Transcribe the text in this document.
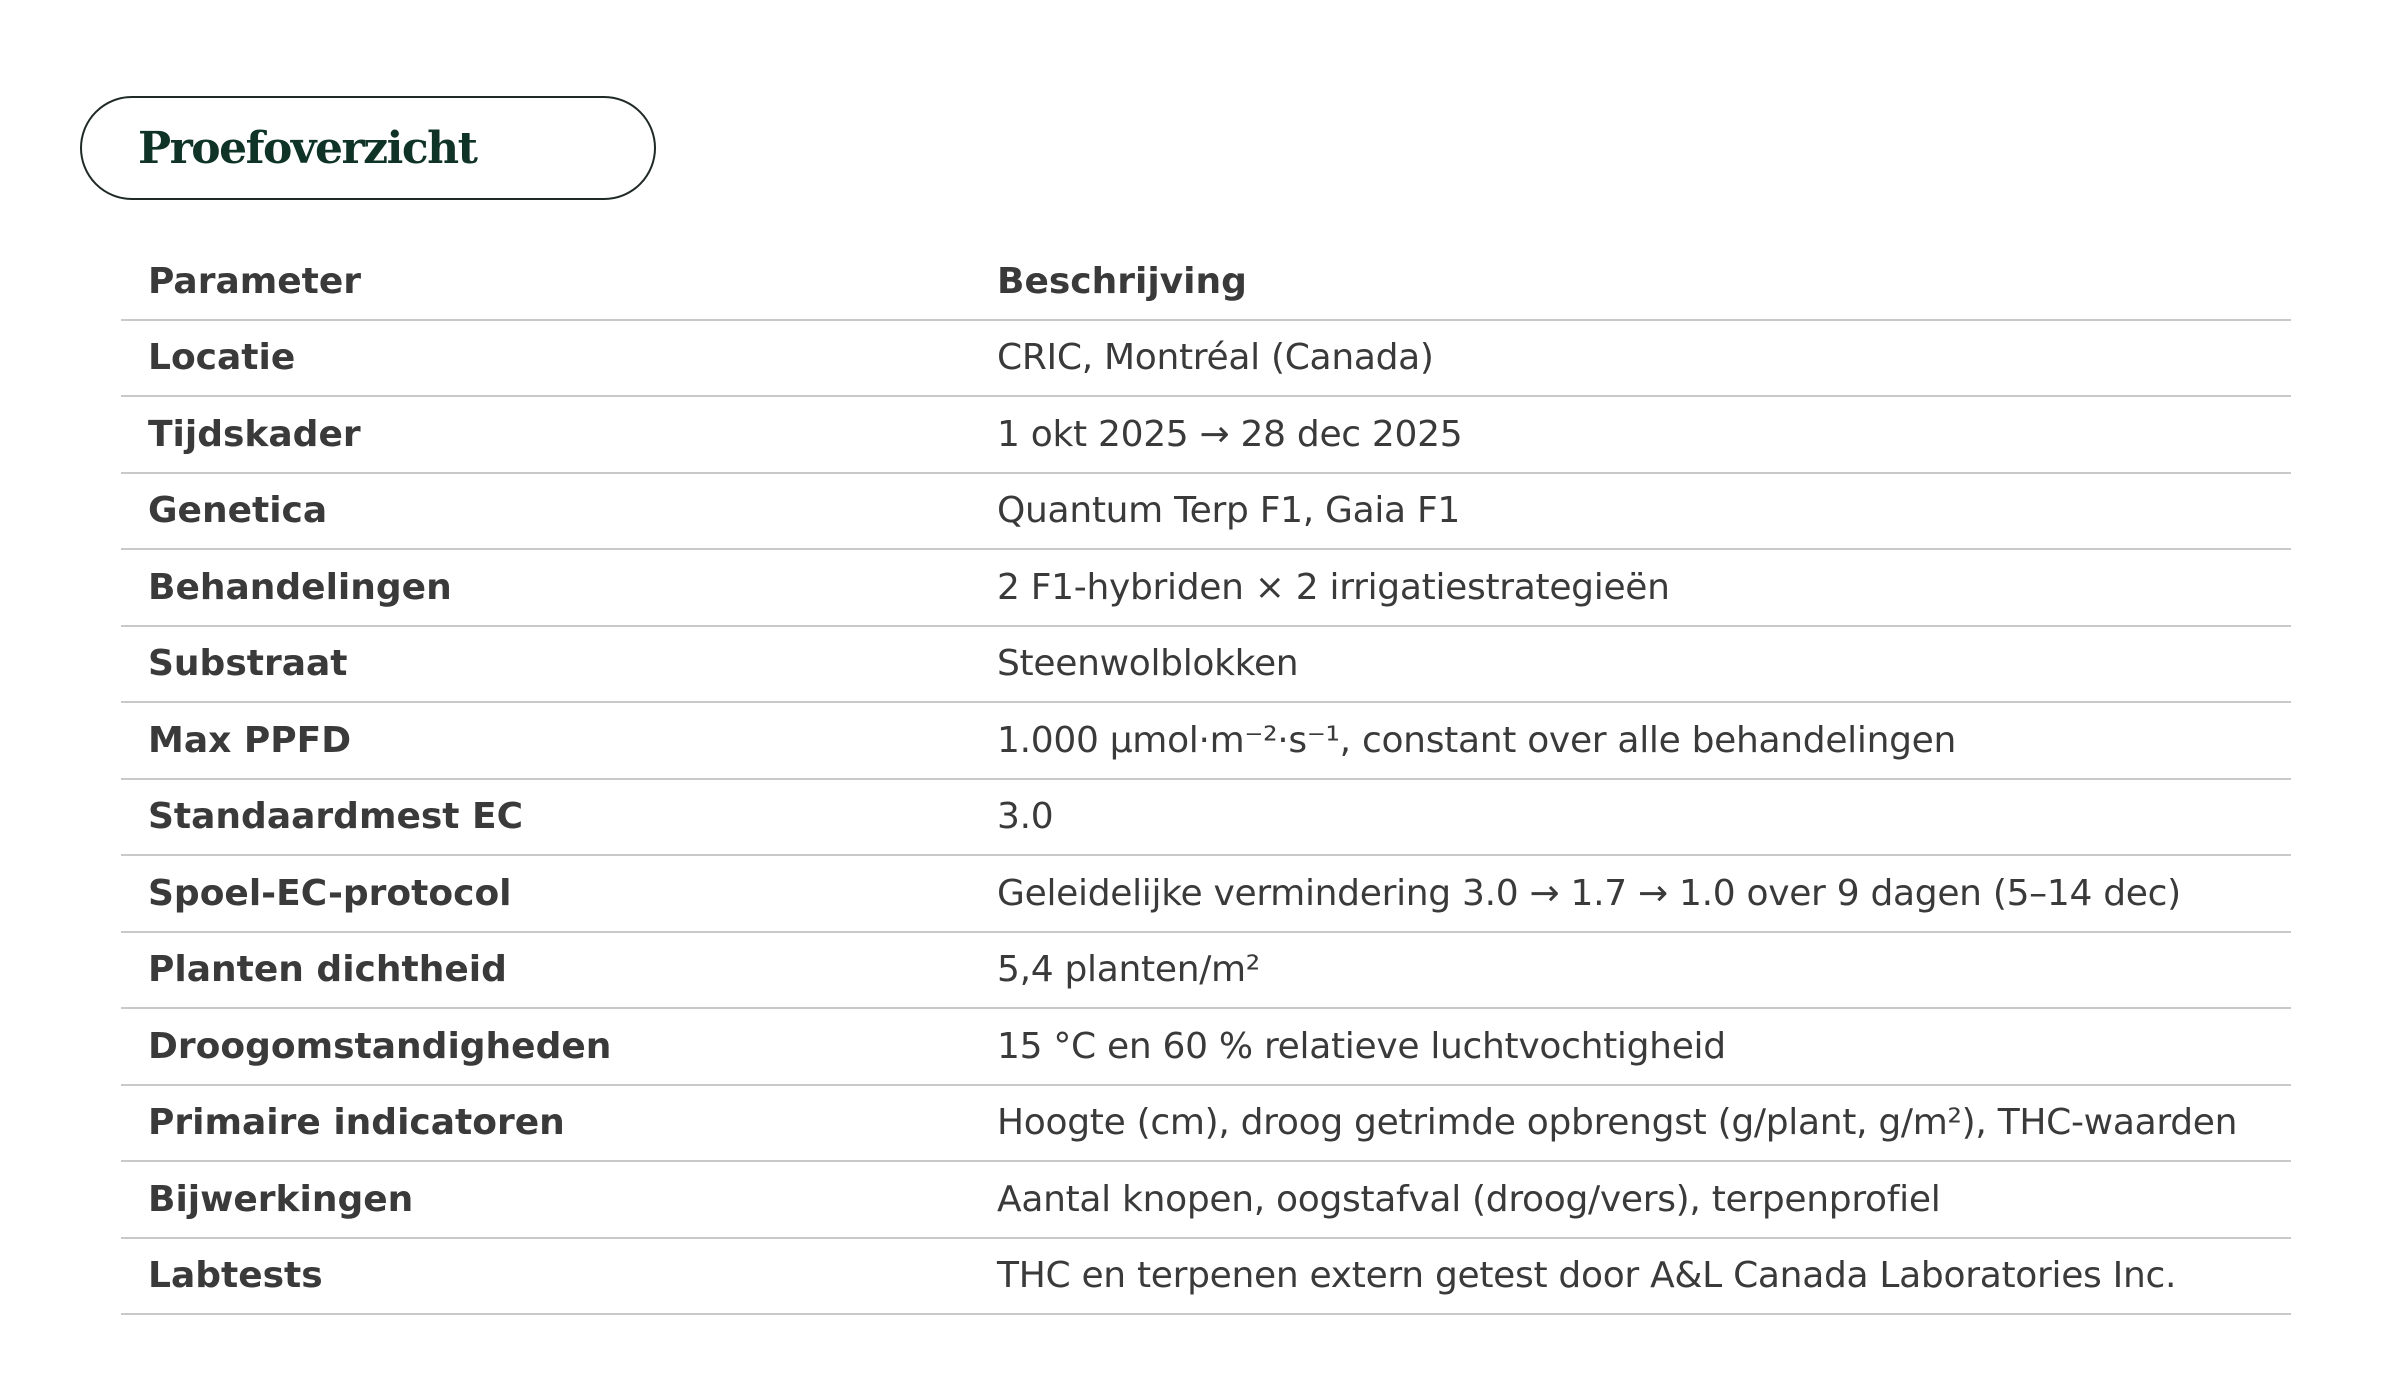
Proefoverzicht
Parameter	Beschrijving
Locatie	CRIC, Montréal (Canada)
Tijdskader	1 okt 2025 → 28 dec 2025
Genetica	Quantum Terp F1, Gaia F1
Behandelingen	2 F1-hybriden × 2 irrigatiestrategieën
Substraat	Steenwolblokken
Max PPFD	1.000 µmol·m⁻²·s⁻¹, constant over alle behandelingen
Standaardmest EC	3.0
Spoel-EC-protocol	Geleidelijke vermindering 3.0 → 1.7 → 1.0 over 9 dagen (5–14 dec)
Planten dichtheid	5,4 planten/m²
Droogomstandigheden	15 °C en 60 % relatieve luchtvochtigheid
Primaire indicatoren	Hoogte (cm), droog getrimde opbrengst (g/plant, g/m²), THC-waarden
Bijwerkingen	Aantal knopen, oogstafval (droog/vers), terpenprofiel
Labtests	THC en terpenen extern getest door A&L Canada Laboratories Inc.
